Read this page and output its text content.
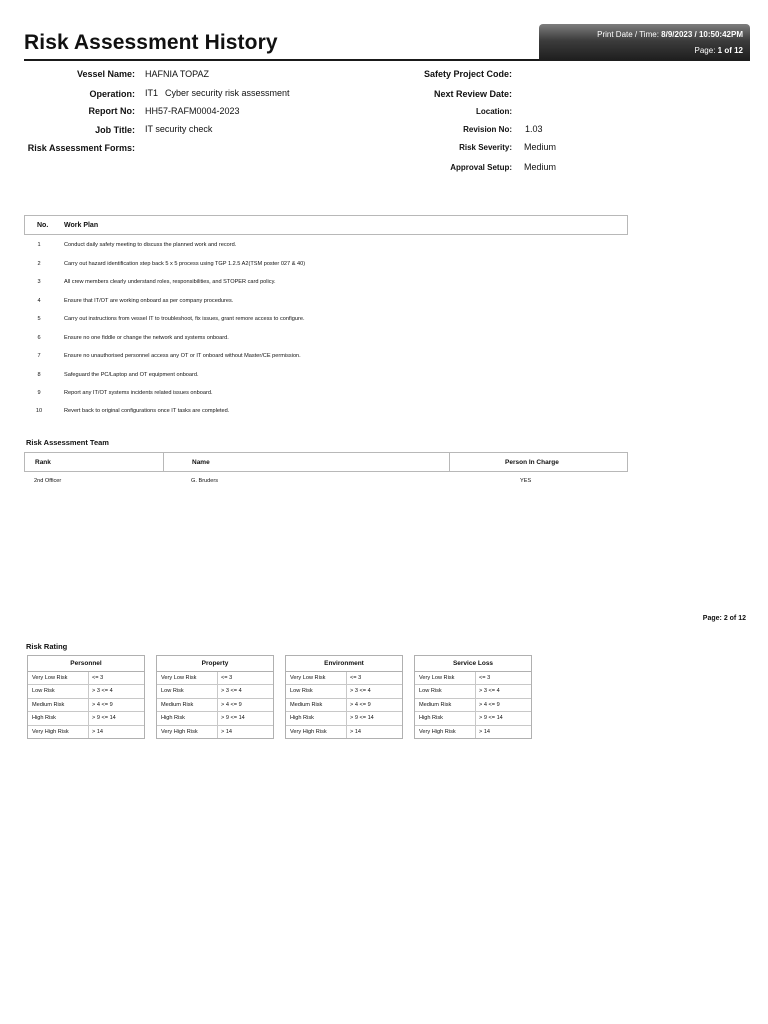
Risk Assessment History	Print Date / Time: 8/9/2023 / 10:50:42PM
Page: 1 of 12
Vessel Name: HAFNIA TOPAZ
Operation: IT1 Cyber security risk assessment
Report No: HH57-RAFM0004-2023
Job Title: IT security check
Risk Assessment Forms:
Safety Project Code:
Next Review Date:
Location:
Revision No: 1.03
Risk Severity: Medium
Approval Setup: Medium
No. Work Plan
1	Conduct daily safety meeting to discuss the planned work and record.
2	Carry out hazard identification step back 5 x 5 process using TGP 1.2.5 A2(TSM poster 027 & 40)
3	All crew members clearly understand roles, responsibilities, and STOPER card policy.
4	Ensure that IT/OT are working onboard as per company procedures.
5	Carry out instructions from vessel IT to troubleshoot, fix issues, grant remore access to configure.
6	Ensure no one fiddle or change the network and systems onboard.
7	Ensure no unauthorised personnel access any OT or IT onboard without Master/CE permission.
8	Safeguard the PC/Laptop and OT equipment onboard.
9	Report any IT/OT systems incidents related issues onboard.
10	Revert back to original configurations once IT tasks are completed.
Risk Assessment Team
Rank	Name	Person In Charge
2nd Officer	G. Bruders	YES
Page: 2 of 12
Risk Rating
Personnel
Very Low Risk	<= 3
Low Risk	> 3 <= 4
Medium Risk	> 4 <= 9
High Risk	> 9 <= 14
Very High Risk	> 14
Property
Very Low Risk	<= 3
Low Risk	> 3 <= 4
Medium Risk	> 4 <= 9
High Risk	> 9 <= 14
Very High Risk	> 14
Environment
Very Low Risk	<= 3
Low Risk	> 3 <= 4
Medium Risk	> 4 <= 9
High Risk	> 9 <= 14
Very High Risk	> 14
Service Loss
Very Low Risk	<= 3
Low Risk	> 3 <= 4
Medium Risk	> 4 <= 9
High Risk	> 9 <= 14
Very High Risk	> 14
